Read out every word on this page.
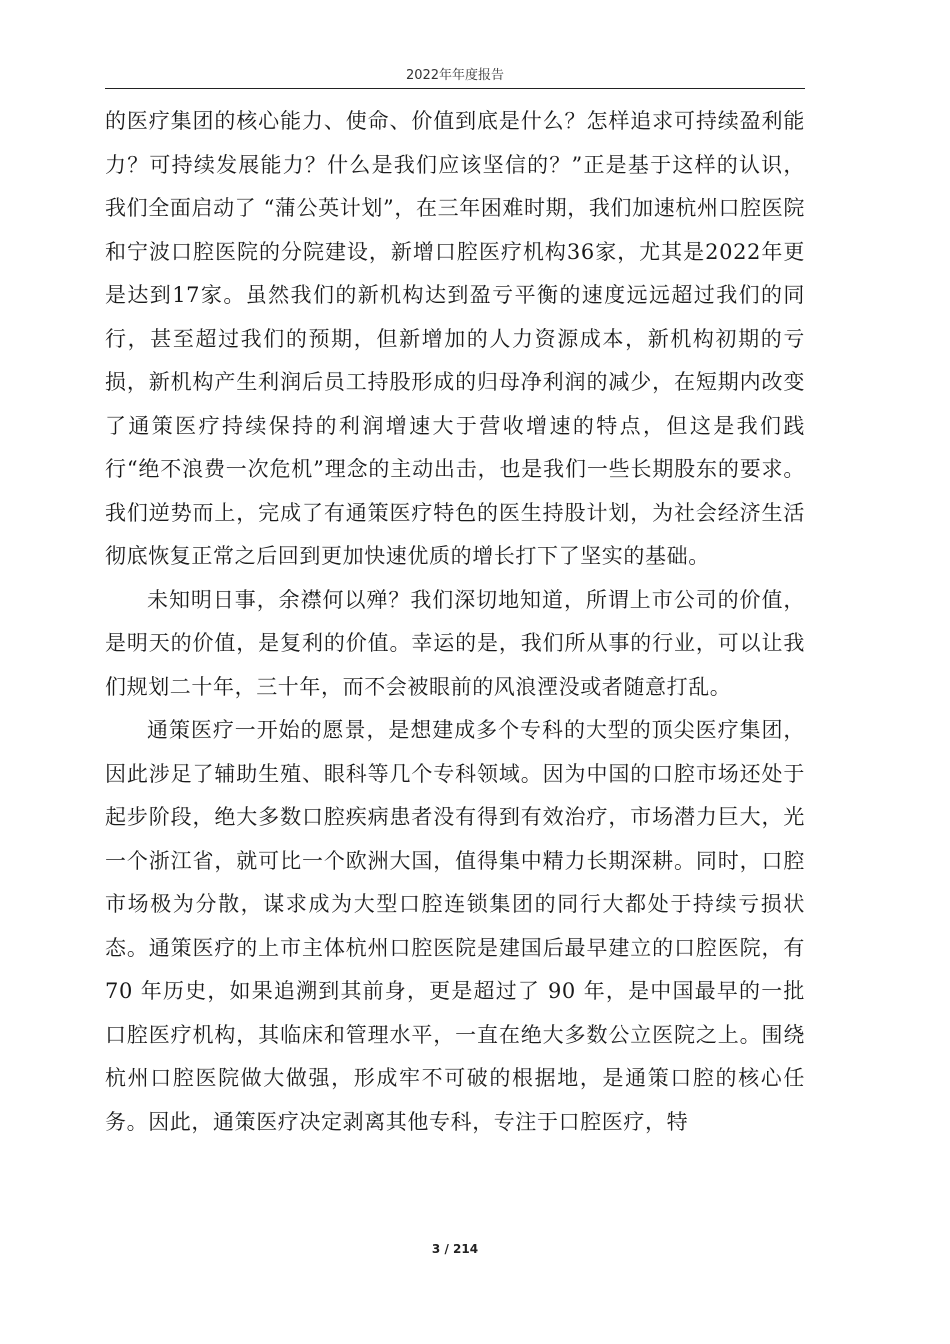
2022年年度报告

的医疗集团的核心能力、使命、价值到底是什么？怎样追求可持续盈利能力？可持续发展能力？什么是我们应该坚信的？”正是基于这样的认识，我们全面启动了 “蒲公英计划”，在三年困难时期，我们加速杭州口腔医院和宁波口腔医院的分院建设，新增口腔医疗机构36家，尤其是2022年更是达到17家。虽然我们的新机构达到盈亏平衡的速度远远超过我们的同行，甚至超过我们的预期，但新增加的人力资源成本，新机构初期的亏损，新机构产生利润后员工持股形成的归母净利润的减少，在短期内改变了通策医疗持续保持的利润增速大于营收增速的特点，但这是我们践行“绝不浪费一次危机”理念的主动出击，也是我们一些长期股东的要求。我们逆势而上，完成了有通策医疗特色的医生持股计划，为社会经济生活彻底恢复正常之后回到更加快速优质的增长打下了坚实的基础。

未知明日事，余襟何以殚？我们深切地知道，所谓上市公司的价值，是明天的价值，是复利的价值。幸运的是，我们所从事的行业，可以让我们规划二十年，三十年，而不会被眼前的风浪湮没或者随意打乱。

通策医疗一开始的愿景，是想建成多个专科的大型的顶尖医疗集团，因此涉足了辅助生殖、眼科等几个专科领域。因为中国的口腔市场还处于起步阶段，绝大多数口腔疾病患者没有得到有效治疗，市场潜力巨大，光一个浙江省，就可比一个欧洲大国，值得集中精力长期深耕。同时，口腔市场极为分散，谋求成为大型口腔连锁集团的同行大都处于持续亏损状态。通策医疗的上市主体杭州口腔医院是建国后最早建立的口腔医院，有 70 年历史，如果追溯到其前身，更是超过了 90 年，是中国最早的一批口腔医疗机构，其临床和管理水平，一直在绝大多数公立医院之上。围绕杭州口腔医院做大做强，形成牢不可破的根据地，是通策口腔的核心任务。因此，通策医疗决定剥离其他专科，专注于口腔医疗，特

3 / 214
